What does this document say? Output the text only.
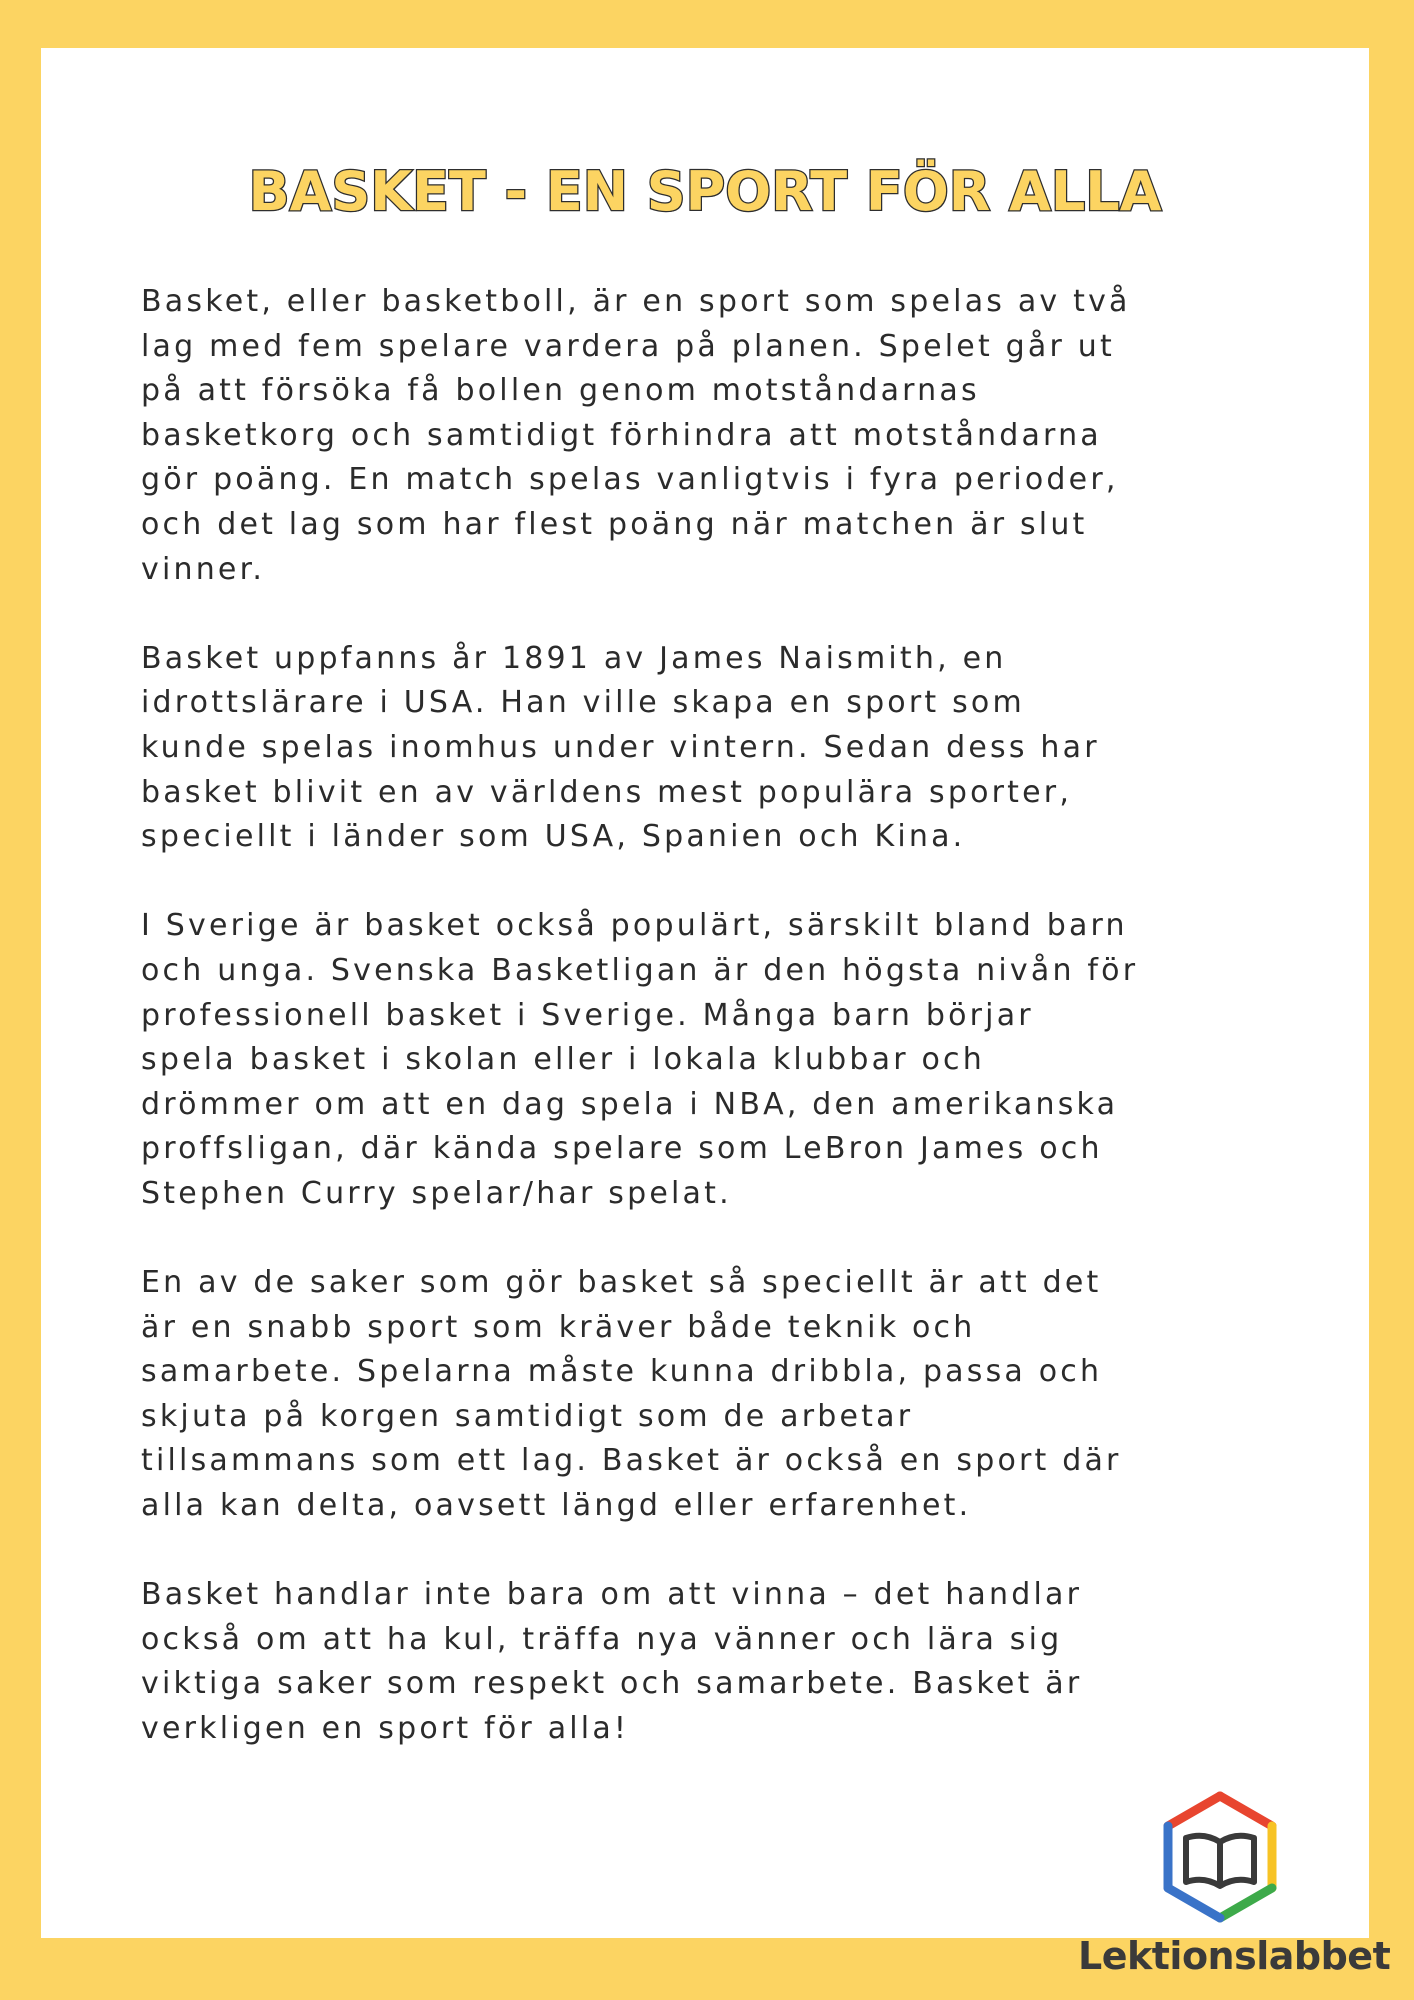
BASKET - EN SPORT FÖR ALLA

Basket, eller basketboll, är en sport som spelas av två
lag med fem spelare vardera på planen. Spelet går ut
på att försöka få bollen genom motståndarnas
basketkorg och samtidigt förhindra att motståndarna
gör poäng. En match spelas vanligtvis i fyra perioder,
och det lag som har flest poäng när matchen är slut
vinner.

Basket uppfanns år 1891 av James Naismith, en
idrottslärare i USA. Han ville skapa en sport som
kunde spelas inomhus under vintern. Sedan dess har
basket blivit en av världens mest populära sporter,
speciellt i länder som USA, Spanien och Kina.

I Sverige är basket också populärt, särskilt bland barn
och unga. Svenska Basketligan är den högsta nivån för
professionell basket i Sverige. Många barn börjar
spela basket i skolan eller i lokala klubbar och
drömmer om att en dag spela i NBA, den amerikanska
proffsligan, där kända spelare som LeBron James och
Stephen Curry spelar/har spelat.

En av de saker som gör basket så speciellt är att det
är en snabb sport som kräver både teknik och
samarbete. Spelarna måste kunna dribbla, passa och
skjuta på korgen samtidigt som de arbetar
tillsammans som ett lag. Basket är också en sport där
alla kan delta, oavsett längd eller erfarenhet.

Basket handlar inte bara om att vinna – det handlar
också om att ha kul, träffa nya vänner och lära sig
viktiga saker som respekt och samarbete. Basket är
verkligen en sport för alla!

Lektionslabbet
